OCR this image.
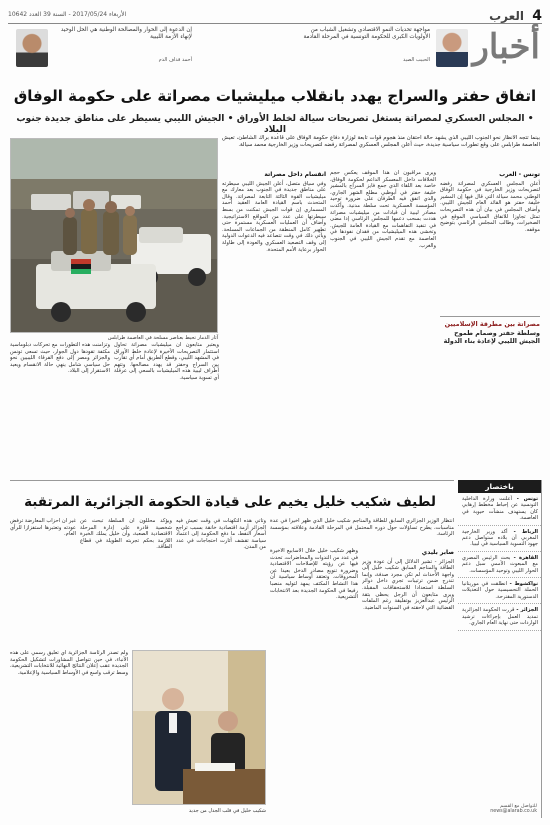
4
العرب
الأربعاء 2017/05/24 - السنة 39 العدد 10642
أخبار
مواجهة تحديات النمو الاقتصادي وتشغيل الشباب من الأولويات الكبرى للحكومة التونسية في المرحلة القادمة
الحبيب الصيد
إن الدعوة إلى الحوار والمصالحة الوطنية هي الحل الوحيد لإنهاء الأزمة الليبية
أحمد قذاف الدم
اتفاق حفتر والسراج يهدد بانقلاب ميليشيات مصراتة على حكومة الوفاق
• المجلس العسكري لمصراتة يستغل تصريحات سيالة لخلط الأوراق • الجيش الليبي يسيطر على مناطق جديدة جنوب البلاد
بينما تتجه الأنظار نحو الجنوب الليبي الذي يشهد حالة احتقان منذ هجوم قوات تابعة لوزارة دفاع حكومة الوفاق على قاعدة براك الشاطئ، تعيش العاصمة طرابلس على وقع تطورات سياسية جديدة، حيث أعلن المجلس العسكري لمصراتة رفضه لتصريحات وزير الخارجية محمد سيالة.
آثار الدمار تحيط بعناصر مسلحة في العاصمة طرابلس
تونس - العرب

أعلن المجلس العسكري لمصراتة رفضه لتصريحات وزير الخارجية في حكومة الوفاق الوطني محمد سيالة التي قال فيها إن المشير خليفة حفتر هو القائد العام للجيش الليبي. وأضاف المجلس في بيان أن هذه التصريحات تمثل تجاوزا للاتفاق السياسي الموقع في الصخيرات، وطالب المجلس الرئاسي بتوضيح موقفه.

مصراتة بين مطرقة الإسلاميين وسلطة حفتر وصمام طموح الجيش الليبي لإعادة بناء الدولة

ويرى مراقبون أن هذا الموقف يعكس حجم الخلافات داخل المعسكر الداعم لحكومة الوفاق، خاصة بعد اللقاء الذي جمع فايز السراج بالمشير خليفة حفتر في أبوظبي مطلع الشهر الجاري، والذي اتفق فيه الطرفان على ضرورة توحيد المؤسسة العسكرية تحت سلطة مدنية. وأكدت مصادر ليبية أن قيادات من ميليشيات مصراتة هددت بسحب دعمها للمجلس الرئاسي إذا مضى في تنفيذ التفاهمات مع القيادة العامة للجيش. وتخشى هذه الميليشيات من فقدان نفوذها في العاصمة مع تقدم الجيش الليبي في الجنوب والغرب.

انقسام داخل مصراتة

وفي سياق متصل، أعلن الجيش الليبي سيطرته على مناطق جديدة في الجنوب بعد معارك مع ميليشيات القوة الثالثة التابعة لمصراتة. وقال المتحدث باسم القيادة العامة العقيد أحمد المسماري إن قوات الجيش تمكنت من بسط سيطرتها على عدد من المواقع الاستراتيجية. وأضاف أن العمليات العسكرية مستمرة حتى تطهير كامل المنطقة من الجماعات المسلحة. ويأتي ذلك في وقت تتصاعد فيه الدعوات الدولية إلى وقف التصعيد العسكري والعودة إلى طاولة الحوار برعاية الأمم المتحدة.

ويعتبر متابعون أن ميليشيات مصراتة تحاول استثمار التصريحات الأخيرة لإعادة خلط الأوراق في المشهد الليبي، وقطع الطريق أمام أي تقارب بين السراج وحفتر قد يهدد مصالحها. وتتهم أطراف ليبية هذه الميليشيات بالسعي إلى عرقلة أي تسوية سياسية.

وتزامنت هذه التطورات مع تحركات دبلوماسية مكثفة تقودها دول الجوار، حيث تسعى تونس والجزائر ومصر إلى دفع الفرقاء الليبيين نحو حل سياسي شامل ينهي حالة الانقسام ويعيد الاستقرار إلى البلاد.

لطيف شكيب خليل يخيم على قيادة الحكومة الجزائرية المرتقبة
انتظار الوزير الجزائري السابق للطاقة والمناجم شكيب خليل الذي ظهر أخيرا في عدة مناسبات، يطرح تساؤلات حول دوره المحتمل في المرحلة القادمة وعلاقته بمؤسسة الرئاسة.
صابر بليدي

الجزائر - تشير الدلائل إلى أن عودة وزير الطاقة والمناجم السابق شكيب خليل إلى واجهة الأحداث لم تكن مجرد صدفة، وإنما تندرج ضمن ترتيبات تجري داخل دوائر السلطة استعدادا للاستحقاقات المقبلة. ويرى متابعون أن الرجل يحظى بثقة الرئيس عبدالعزيز بوتفليقة رغم الملفات القضائية التي لاحقته في السنوات الماضية.

وظهر شكيب خليل خلال الأسابيع الأخيرة في عدد من الندوات والمحاضرات، تحدث فيها عن رؤيته للإصلاحات الاقتصادية وضرورة تنويع مصادر الدخل بعيدا عن المحروقات. وتعتقد أوساط سياسية أن هذا النشاط المكثف يمهد لتوليه منصبا رفيعا في الحكومة الجديدة بعد الانتخابات التشريعية.

وتأتي هذه التكهنات في وقت تعيش فيه الجزائر أزمة اقتصادية خانقة بسبب تراجع أسعار النفط، ما دفع الحكومة إلى اعتماد سياسة تقشف أثارت احتجاجات في عدد من المدن.

ويؤكد محللون أن السلطة تبحث عن شخصية قادرة على إدارة المرحلة الاقتصادية الصعبة، وأن خليل يملك الخبرة اللازمة بحكم تجربته الطويلة في قطاع الطاقة.

غير أن أحزاب المعارضة ترفض عودته وتعتبرها استفزازا للرأي العام.

ولم تصدر الرئاسة الجزائرية أي تعليق رسمي على هذه الأنباء، في حين تتواصل المشاورات لتشكيل الحكومة الجديدة عقب إعلان النتائج النهائية للانتخابات التشريعية، وسط ترقب واسع في الأوساط السياسية والإعلامية.

شكيب خليل في قلب الجدل من جديد
باختصار
تونس - أعلنت وزارة الداخلية التونسية عن إحباط مخطط إرهابي كان يستهدف منشآت حيوية في العاصمة.
الرباط - أكد وزير الخارجية المغربي أن بلاده ستواصل دعم جهود التسوية السياسية في ليبيا.
القاهرة - بحث الرئيس المصري مع المبعوث الأممي سبل دعم الحوار الليبي وتوحيد المؤسسات.
نواكشوط - انطلقت في موريتانيا الحملة التحسيسية حول التعديلات الدستورية المقترحة.
الجزائر - قررت الحكومة الجزائرية تمديد العمل بإجراءات ترشيد الواردات حتى نهاية العام الجاري.
للتواصل مع القسم news@alarab.co.uk
